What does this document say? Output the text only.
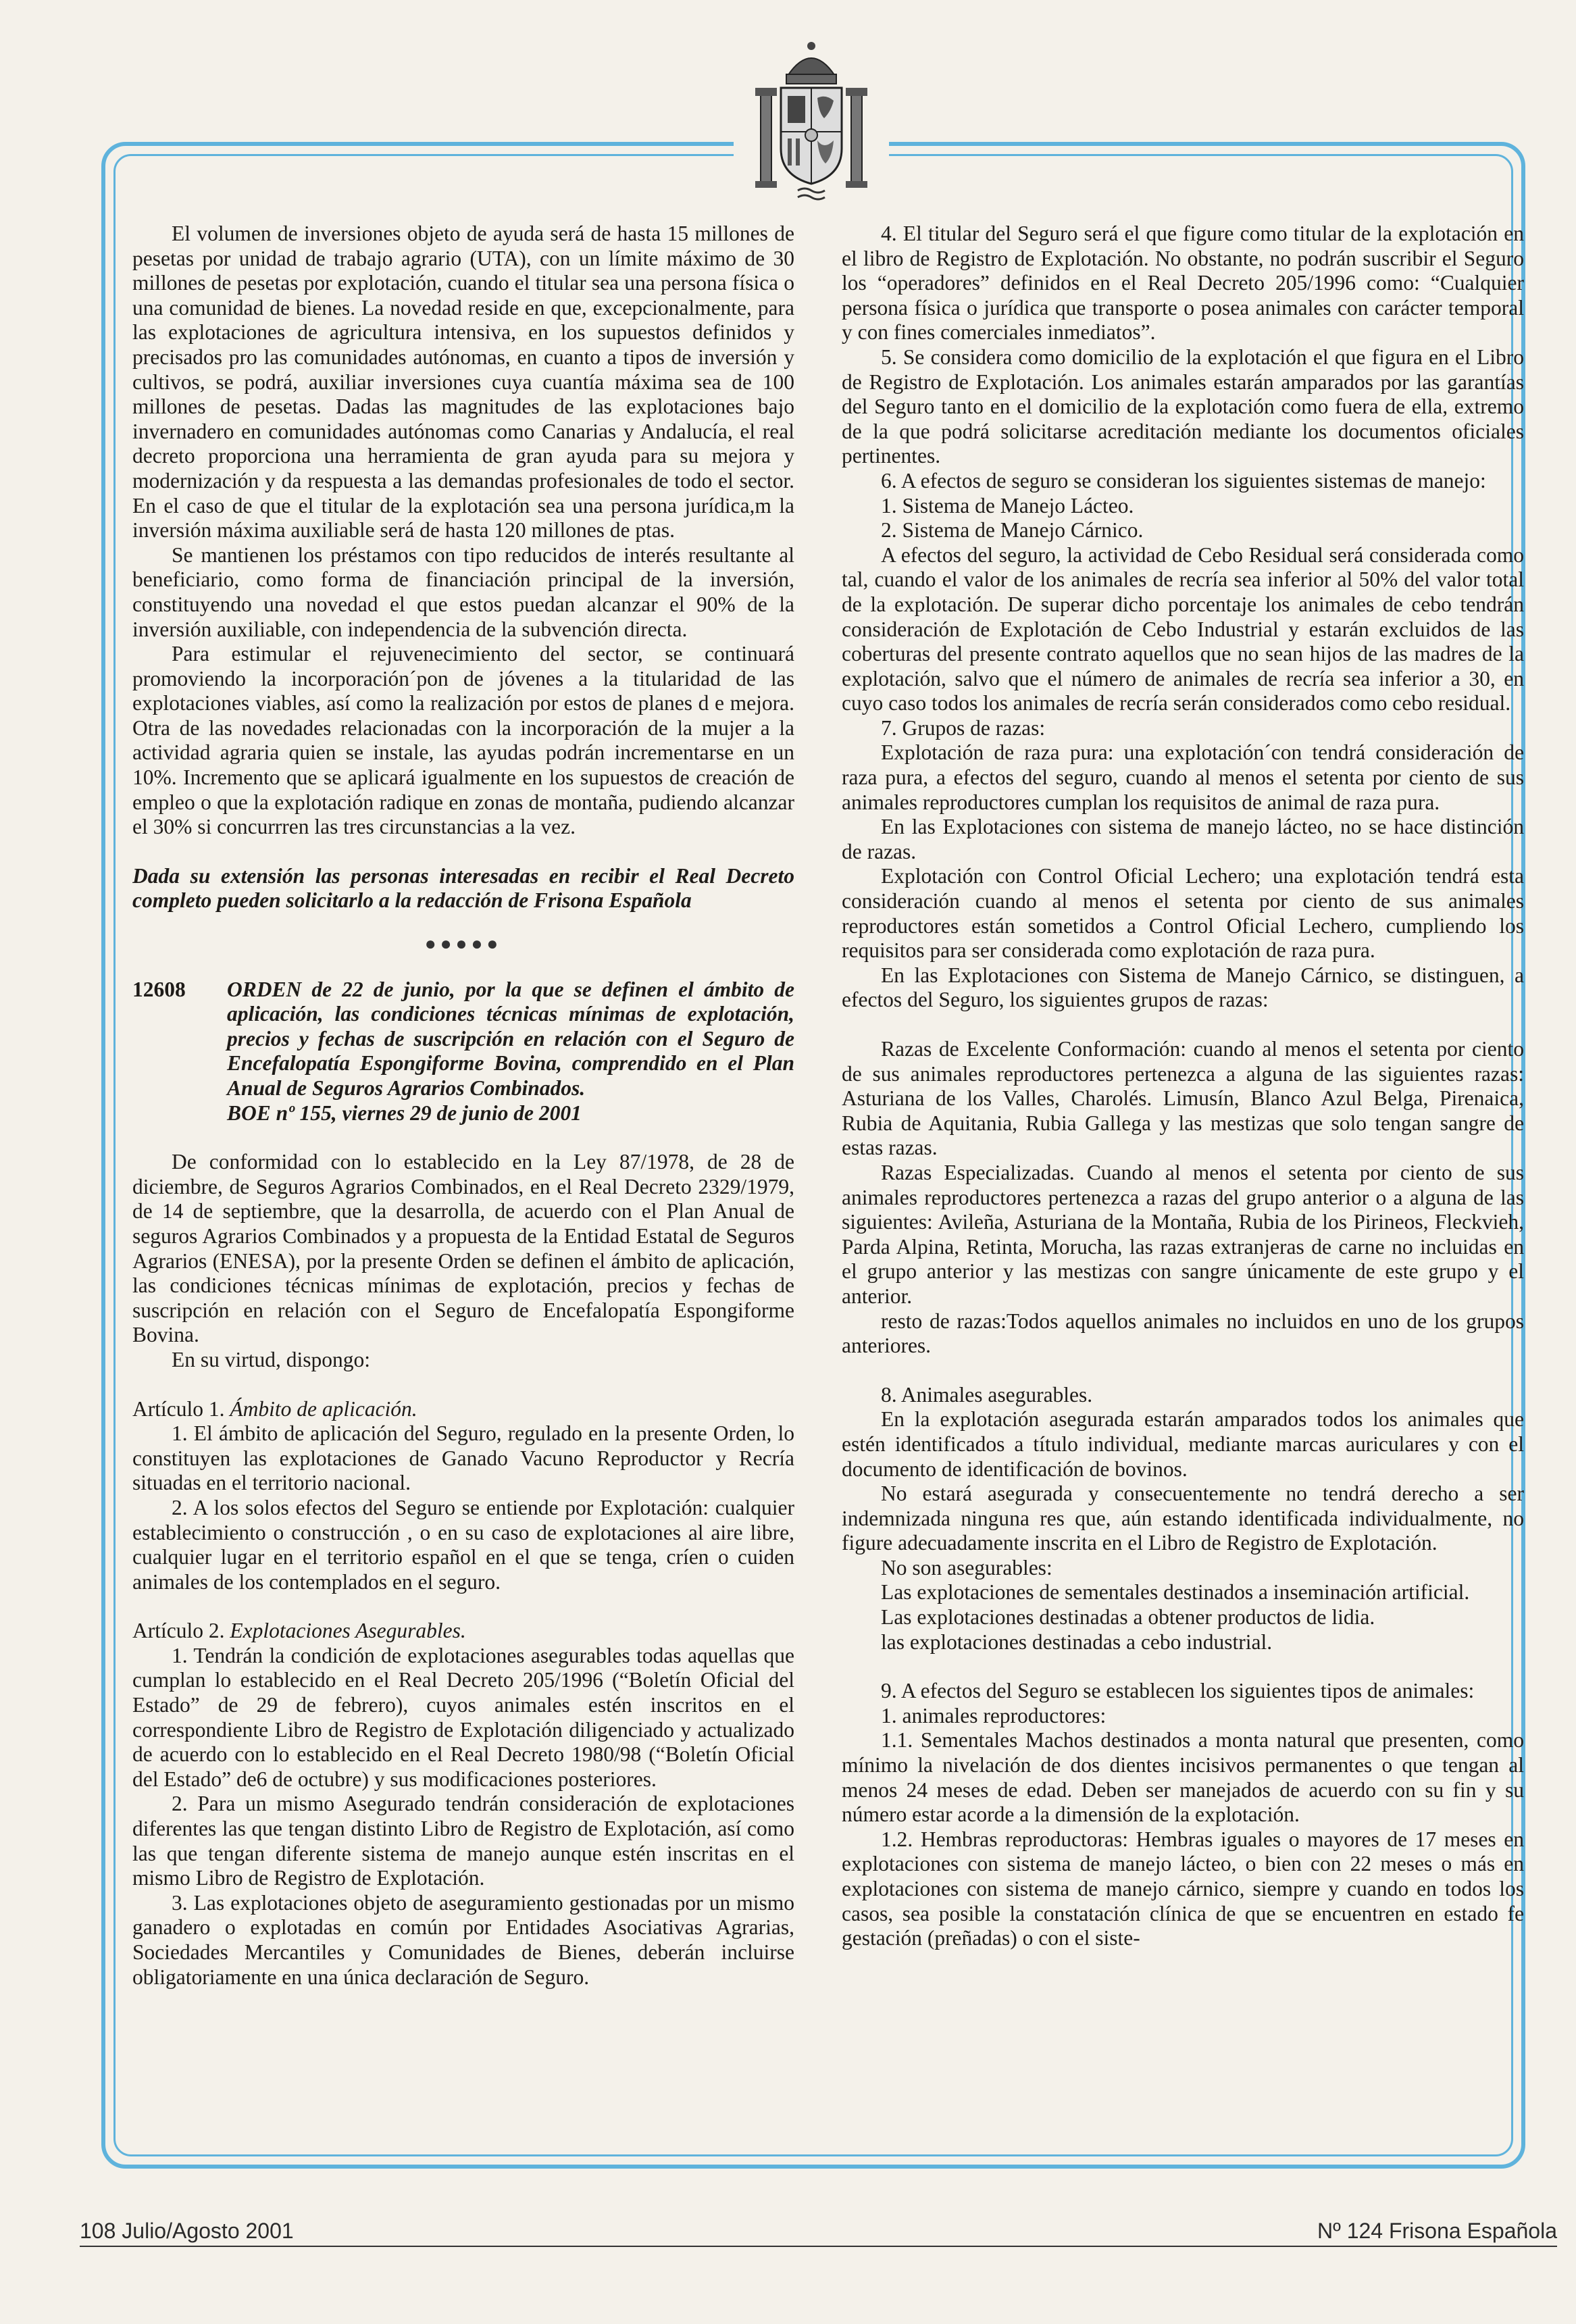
El volumen de inversiones objeto de ayuda será de hasta 15 millones de pesetas por unidad de trabajo agrario (UTA), con un límite máximo de 30 millones de pesetas por explotación, cuando el titular sea una persona física o una comunidad de bienes. La novedad reside en que, excepcionalmente, para las explotaciones de agricultura intensiva, en los supuestos definidos y precisados pro las comunidades autónomas, en cuanto a tipos de inversión y cultivos, se podrá, auxiliar inversiones cuya cuantía máxima sea de 100 millones de pesetas. Dadas las magnitudes de las explotaciones bajo invernadero en comunidades autónomas como Canarias y Andalucía, el real decreto proporciona una herramienta de gran ayuda para su mejora y modernización y da respuesta a las demandas profesionales de todo el sector. En el caso de que el titular de la explotación sea una persona jurídica,m la inversión máxima auxiliable será de hasta 120 millones de ptas.

Se mantienen los préstamos con tipo reducidos de interés resultante al beneficiario, como forma de financiación principal de la inversión, constituyendo una novedad el que estos puedan alcanzar el 90% de la inversión auxiliable, con independencia de la subvención directa.

Para estimular el rejuvenecimiento del sector, se continuará promoviendo la incorporación´pon de jóvenes a la titularidad de las explotaciones viables, así como la realización por estos de planes d e mejora. Otra de las novedades relacionadas con la incorporación de la mujer a la actividad agraria quien se instale, las ayudas podrán incrementarse en un 10%. Incremento que se aplicará igualmente en los supuestos de creación de empleo o que la explotación radique en zonas de montaña, pudiendo alcanzar el 30% si concurrren las tres circunstancias a la vez.

Dada su extensión las personas interesadas en recibir el Real Decreto completo pueden solicitarlo a la redacción de Frisona Española

●●●●●
12608	ORDEN de 22 de junio, por la que se definen el ámbito de aplicación, las condiciones técnicas mínimas de explotación, precios y fechas de suscripción en relación con el Seguro de Encefalopatía Espongiforme Bovina, comprendido en el Plan Anual de Seguros Agrarios Combinados.
BOE nº 155, viernes 29 de junio de 2001

De conformidad con lo establecido en la Ley 87/1978, de 28 de diciembre, de Seguros Agrarios Combinados, en el Real Decreto 2329/1979, de 14 de septiembre, que la desarrolla, de acuerdo con el Plan Anual de seguros Agrarios Combinados y a propuesta de la Entidad Estatal de Seguros Agrarios (ENESA), por la presente Orden se definen el ámbito de aplicación, las condiciones técnicas mínimas de explotación, precios y fechas de suscripción en relación con el Seguro de Encefalopatía Espongiforme Bovina.

En su virtud, dispongo:

Artículo 1. Ámbito de aplicación.

1. El ámbito de aplicación del Seguro, regulado en la presente Orden, lo constituyen las explotaciones de Ganado Vacuno Reproductor y Recría situadas en el territorio nacional.

2. A los solos efectos del Seguro se entiende por Explotación: cualquier establecimiento o construcción , o en su caso de explotaciones al aire libre, cualquier lugar en el territorio español en el que se tenga, críen o cuiden animales de los contemplados en el seguro.

Artículo 2. Explotaciones Asegurables.

1. Tendrán la condición de explotaciones asegurables todas aquellas que cumplan lo establecido en el Real Decreto 205/1996 (“Boletín Oficial del Estado” de 29 de febrero), cuyos animales estén inscritos en el correspondiente Libro de Registro de Explotación diligenciado y actualizado de acuerdo con lo establecido en el Real Decreto 1980/98 (“Boletín Oficial del Estado” de6 de octubre) y sus modificaciones posteriores.

2. Para un mismo Asegurado tendrán consideración de explotaciones diferentes las que tengan distinto Libro de Registro de Explotación, así como las que tengan diferente sistema de manejo aunque estén inscritas en el mismo Libro de Registro de Explotación.

3. Las explotaciones objeto de aseguramiento gestionadas por un mismo ganadero o explotadas en común por Entidades Asociativas Agrarias, Sociedades Mercantiles y Comunidades de Bienes, deberán incluirse obligatoriamente en una única declaración de Seguro.

4. El titular del Seguro será el que figure como titular de la explotación en el libro de Registro de Explotación. No obstante, no podrán suscribir el Seguro los “operadores” definidos en el Real Decreto 205/1996 como: “Cualquier persona física o jurídica que transporte o posea animales con carácter temporal y con fines comerciales inmediatos”.

5. Se considera como domicilio de la explotación el que figura en el Libro de Registro de Explotación. Los animales estarán amparados por las garantías del Seguro tanto en el domicilio de la explotación como fuera de ella, extremo de la que podrá solicitarse acreditación mediante los documentos oficiales pertinentes.

6. A efectos de seguro se consideran los siguientes sistemas de manejo:

1. Sistema de Manejo Lácteo.

2. Sistema de Manejo Cárnico.

A efectos del seguro, la actividad de Cebo Residual será considerada como tal, cuando el valor de los animales de recría sea inferior al 50% del valor total de la explotación. De superar dicho porcentaje los animales de cebo tendrán consideración de Explotación de Cebo Industrial y estarán excluidos de las coberturas del presente contrato aquellos que no sean hijos de las madres de la explotación, salvo que el número de animales de recría sea inferior a 30, en cuyo caso todos los animales de recría serán considerados como cebo residual.

7. Grupos de razas:

Explotación de raza pura: una explotación´con tendrá consideración de raza pura, a efectos del seguro, cuando al menos el setenta por ciento de sus animales reproductores cumplan los requisitos de animal de raza pura.

En las Explotaciones con sistema de manejo lácteo, no se hace distinción de razas.

Explotación con Control Oficial Lechero; una explotación tendrá esta consideración cuando al menos el setenta por ciento de sus animales reproductores están sometidos a Control Oficial Lechero, cumpliendo los requisitos para ser considerada como explotación de raza pura.

En las Explotaciones con Sistema de Manejo Cárnico, se distinguen, a efectos del Seguro, los siguientes grupos de razas:

Razas de Excelente Conformación: cuando al menos el setenta por ciento de sus animales reproductores pertenezca a alguna de las siguientes razas: Asturiana de los Valles, Charolés. Limusín, Blanco Azul Belga, Pirenaica, Rubia de Aquitania, Rubia Gallega y las mestizas que solo tengan sangre de estas razas.

Razas Especializadas. Cuando al menos el setenta por ciento de sus animales reproductores pertenezca a razas del grupo anterior o a alguna de las siguientes: Avileña, Asturiana de la Montaña, Rubia de los Pirineos, Fleckvieh, Parda Alpina, Retinta, Morucha, las razas extranjeras de carne no incluidas en el grupo anterior y las mestizas con sangre únicamente de este grupo y el anterior.

resto de razas:Todos aquellos animales no incluidos en uno de los grupos anteriores.

8. Animales asegurables.

En la explotación asegurada estarán amparados todos los animales que estén identificados a título individual, mediante marcas auriculares y con el documento de identificación de bovinos.

No estará asegurada y consecuentemente no tendrá derecho a ser indemnizada ninguna res que, aún estando identificada individualmente, no figure adecuadamente inscrita en el Libro de Registro de Explotación.

No son asegurables:

Las explotaciones de sementales destinados a inseminación artificial.

Las explotaciones destinadas a obtener productos de lidia.

las explotaciones destinadas a cebo industrial.

9. A efectos del Seguro se establecen los siguientes tipos de animales:

1. animales reproductores:

1.1. Sementales Machos destinados a monta natural que presenten, como mínimo la nivelación de dos dientes incisivos permanentes o que tengan al menos 24 meses de edad. Deben ser manejados de acuerdo con su fin y su número estar acorde a la dimensión de la explotación.

1.2. Hembras reproductoras: Hembras iguales o mayores de 17 meses en explotaciones con sistema de manejo lácteo, o bien con 22 meses o más en explotaciones con sistema de manejo cárnico, siempre y cuando en todos los casos, sea posible la constatación clínica de que se encuentren en estado fe gestación (preñadas) o con el siste-

108 Julio/Agosto 2001	Nº 124 Frisona Española
